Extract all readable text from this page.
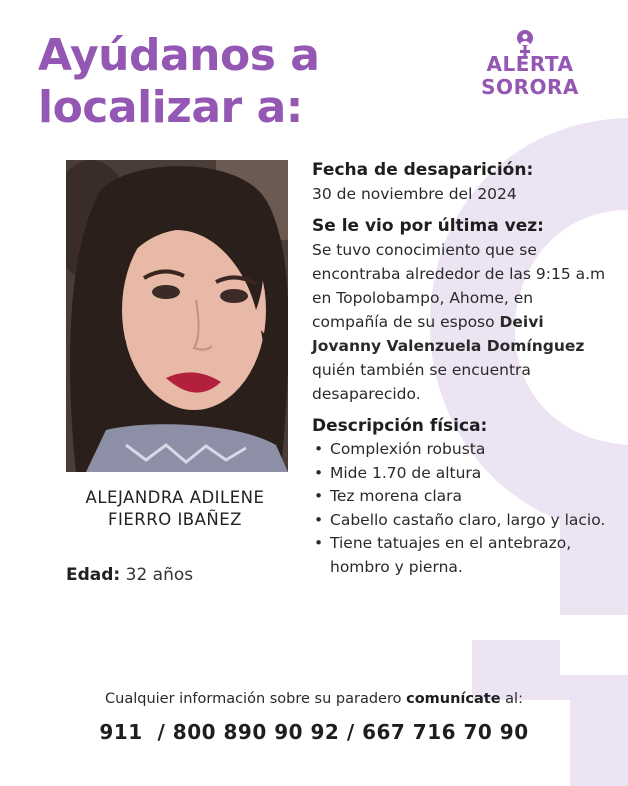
Ayúdanos a
localizar a:
ALERTA
SORORA
ALEJANDRA ADILENE
FIERRO IBAÑEZ
Edad: 32 años
Fecha de desaparición:

30 de noviembre del 2024

Se le vio por última vez:

Se tuvo conocimiento que se encontraba alrededor de las 9:15 a.m en Topolobampo, Ahome, en compañía de su esposo Deivi Jovanny Valenzuela Domínguez quién también se encuentra desaparecido.

Descripción física:
• Complexión robusta
• Mide 1.70 de altura
• Tez morena clara
• Cabello castaño claro, largo y lacio.
• Tiene tatuajes en el antebrazo, hombro y pierna.
Cualquier información sobre su paradero comunícate al:
911  / 800 890 90 92 / 667 716 70 90
